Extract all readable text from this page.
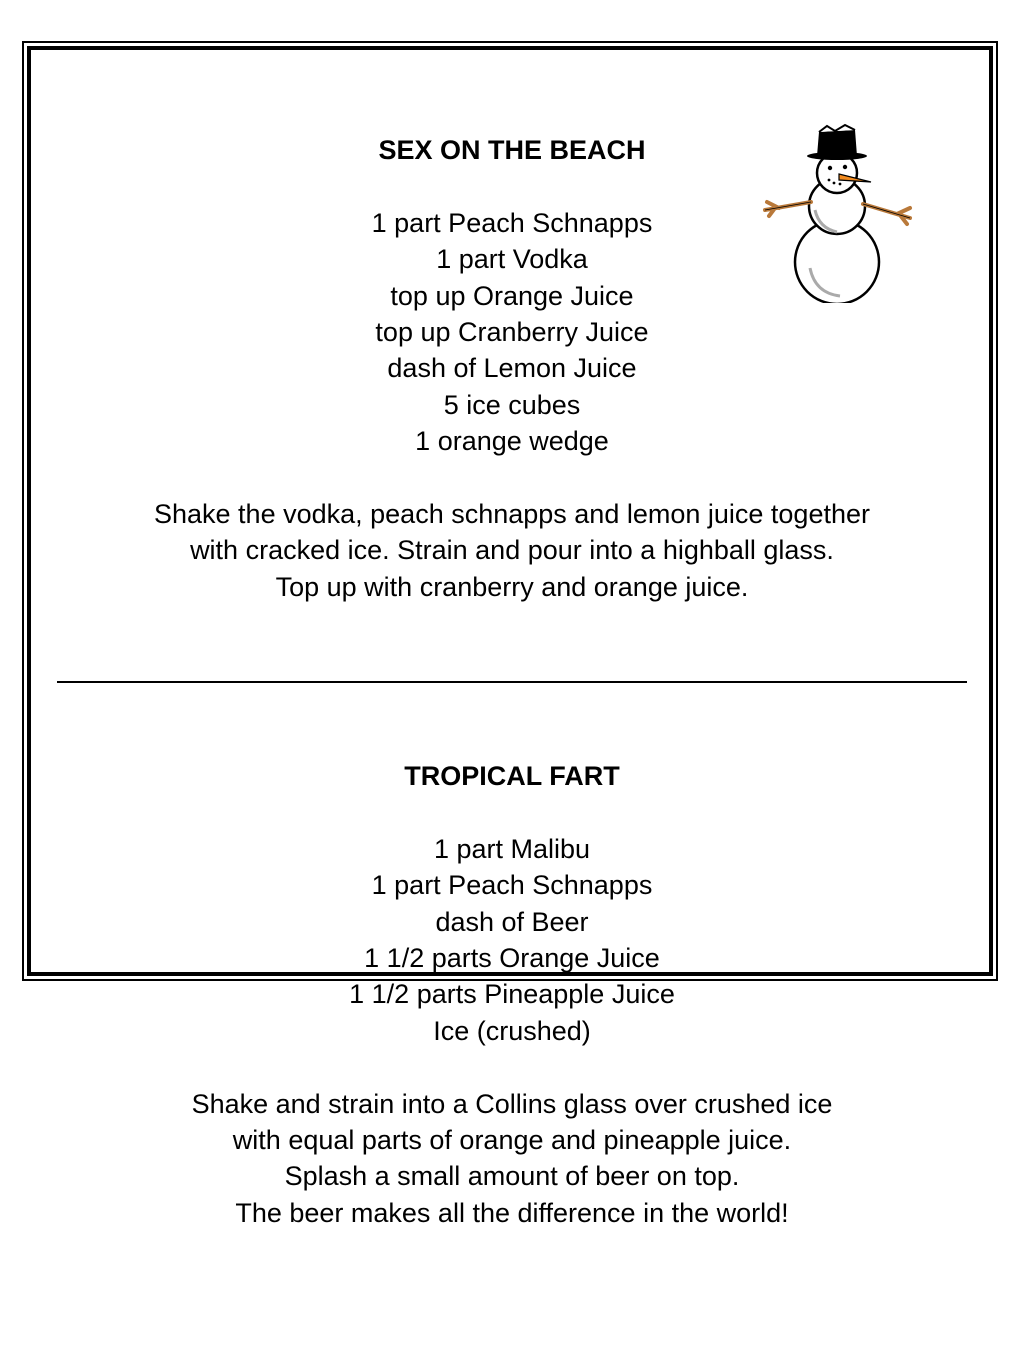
SEX ON THE BEACH
1 part Peach Schnapps
1 part Vodka
top up Orange Juice
top up Cranberry Juice
dash of Lemon Juice
5 ice cubes
1 orange wedge
Shake the vodka, peach schnapps and lemon juice together
with cracked ice. Strain and pour into a highball glass.
Top up with cranberry and orange juice.
TROPICAL FART
1 part Malibu
1 part Peach Schnapps
dash of Beer
1 1/2 parts Orange Juice
1 1/2 parts Pineapple Juice
Ice (crushed)
Shake and strain into a Collins glass over crushed ice
with equal parts of orange and pineapple juice.
Splash a small amount of beer on top.
The beer makes all the difference in the world!
